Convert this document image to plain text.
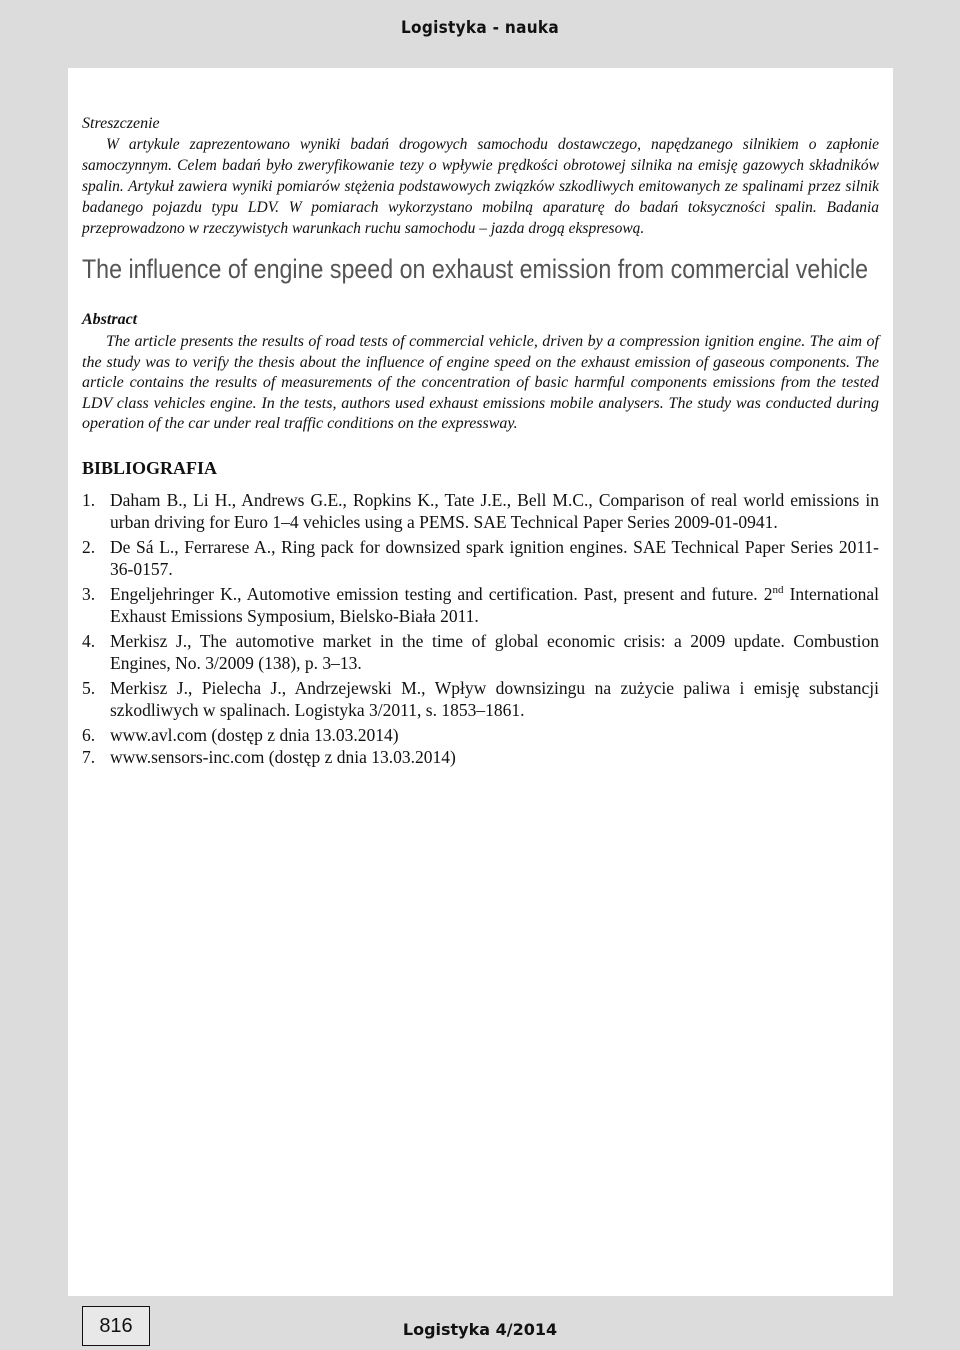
Logistyka - nauka

Streszczenie

W artykule zaprezentowano wyniki badań drogowych samochodu dostawczego, napędzanego silnikiem o zapłonie samoczynnym. Celem badań było zweryfikowanie tezy o wpływie prędkości obrotowej silnika na emisję gazowych składników spalin. Artykuł zawiera wyniki pomiarów stężenia podstawowych związków szkodliwych emitowanych ze spalinami przez silnik badanego pojazdu typu LDV. W pomiarach wykorzystano mobilną aparaturę do badań toksyczności spalin. Badania przeprowadzono w rzeczywistych warunkach ruchu samochodu – jazda drogą ekspresową.

The influence of engine speed on exhaust emission from commercial vehicle

Abstract

The article presents the results of road tests of commercial vehicle, driven by a compression ignition engine. The aim of the study was to verify the thesis about the influence of engine speed on the exhaust emission of gaseous components. The article contains the results of measurements of the concentration of basic harmful components emissions from the tested LDV class vehicles engine. In the tests, authors used exhaust emissions mobile analysers. The study was conducted during operation of the car under real traffic conditions on the expressway.

BIBLIOGRAFIA

1. Daham B., Li H., Andrews G.E., Ropkins K., Tate J.E., Bell M.C., Comparison of real world emissions in urban driving for Euro 1–4 vehicles using a PEMS. SAE Technical Paper Series 2009-01-0941.
2. De Sá L., Ferrarese A., Ring pack for downsized spark ignition engines. SAE Technical Paper Series 2011-36-0157.
3. Engeljehringer K., Automotive emission testing and certification. Past, present and future. 2nd International Exhaust Emissions Symposium, Bielsko-Biała 2011.
4. Merkisz J., The automotive market in the time of global economic crisis: a 2009 update. Combustion Engines, No. 3/2009 (138), p. 3–13.
5. Merkisz J., Pielecha J., Andrzejewski M., Wpływ downsizingu na zużycie paliwa i emisję substancji szkodliwych w spalinach. Logistyka 3/2011, s. 1853–1861.
6. www.avl.com (dostęp z dnia 13.03.2014)
7. www.sensors-inc.com (dostęp z dnia 13.03.2014)
816	Logistyka 4/2014
